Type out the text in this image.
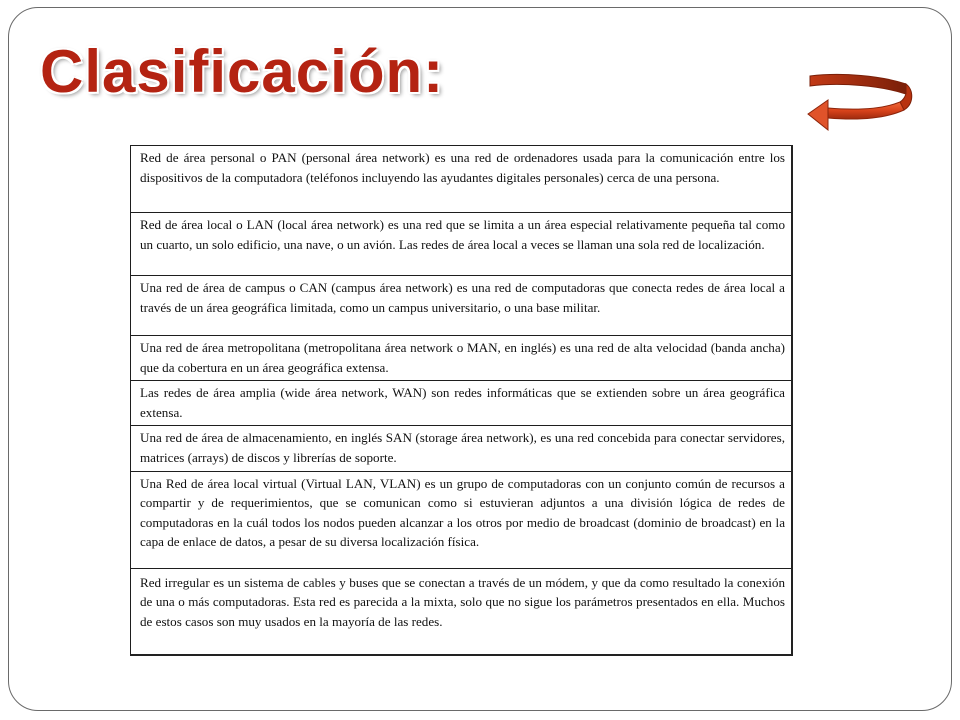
Clasificación:
Red de área personal o PAN (personal área network) es una red de ordenadores usada para la comunicación entre los dispositivos de la computadora (teléfonos incluyendo las ayudantes digitales personales) cerca de una persona.
Red de área local o LAN (local área network) es una red que se limita a un área especial relativamente pequeña tal como un cuarto, un solo edificio, una nave, o un avión. Las redes de área local a veces se llaman una sola red de localización.
Una red de área de campus o CAN (campus área network) es una red de computadoras que conecta redes de área local a través de un área geográfica limitada, como un campus universitario, o una base militar.
Una red de área metropolitana (metropolitana área network o MAN, en inglés) es una red de alta velocidad (banda ancha) que da cobertura en un área geográfica extensa.
Las redes de área amplia (wide área network, WAN) son redes informáticas que se extienden sobre un área geográfica extensa.
Una red de área de almacenamiento, en inglés SAN (storage área network), es una red concebida para conectar servidores, matrices (arrays) de discos y librerías de soporte.
Una Red de área local virtual (Virtual LAN, VLAN) es un grupo de computadoras con un conjunto común de recursos a compartir y de requerimientos, que se comunican como si estuvieran adjuntos a una división lógica de redes de computadoras en la cuál todos los nodos pueden alcanzar a los otros por medio de broadcast (dominio de broadcast) en la capa de enlace de datos, a pesar de su diversa localización física.
Red irregular es un sistema de cables y buses que se conectan a través de un módem, y que da como resultado la conexión de una o más computadoras. Esta red es parecida a la mixta, solo que no sigue los parámetros presentados en ella. Muchos de estos casos son muy usados en la mayoría de las redes.
